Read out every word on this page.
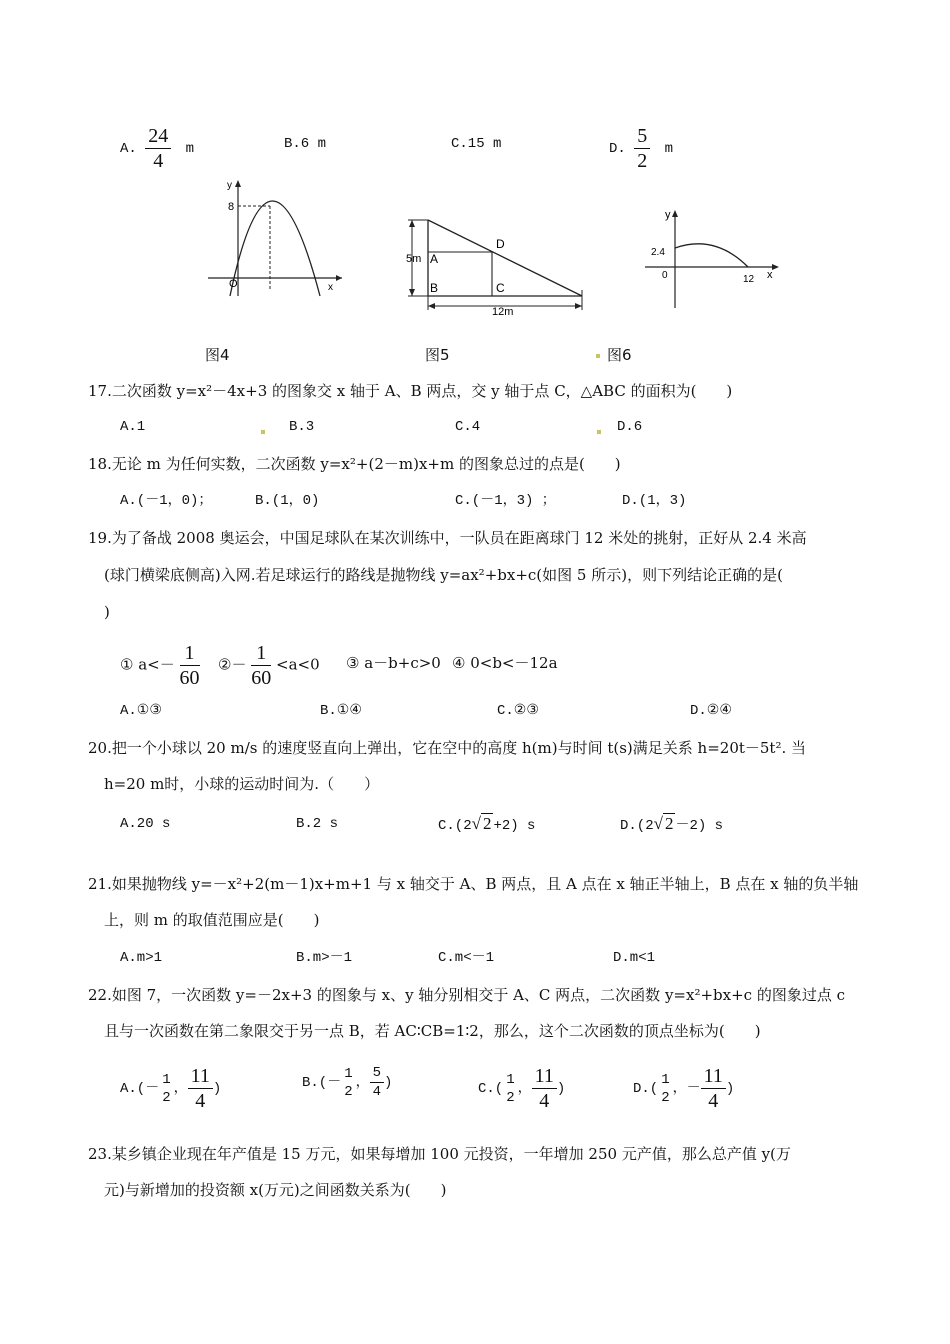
A. $\frac{24}{4}$ m	B.6 m	C.15 m	D. $\frac{5}{2}$ m
y
8
O	x
5m A
B	C
D
12m
y
2.4
0	12 x
图4	图5	图6
17.二次函数 y=x²－4x+3 的图象交 x 轴于 A、B 两点，交 y 轴于点 C，△ABC 的面积为(　　)
A.1	B.3	C.4	D.6
18.无论 m 为任何实数，二次函数 y=x²+(2－m)x+m 的图象总过的点是(　　)
A.(－1，0)；	B.(1，0)	C.(－1，3) ；	D.(1，3)
19.为了备战 2008 奥运会，中国足球队在某次训练中，一队员在距离球门 12 米处的挑射，正好从 2.4 米高
(球门横梁底侧高)入网.若足球运行的路线是抛物线 y=ax²+bx+c(如图 5 所示)，则下列结论正确的是(
)
① $a<- \frac{1}{60}$ ②－ $\frac{1}{60} <a<0$ ③ a－b+c>0 ④ 0<b<－12a
A.①③	B.①④	C.②③	D.②④
20.把一个小球以 20 m/s 的速度竖直向上弹出，它在空中的高度 h(m)与时间 t(s)满足关系 h=20t－5t². 当
h=20 m时，小球的运动时间为.（　　）
A.20 s	B.2 s	C.(2√ 2 +2) s	D.(2√ 2 －2) s
21.如果抛物线 y=－x²+2(m－1)x+m+1 与 x 轴交于 A、B 两点，且 A 点在 x 轴正半轴上，B 点在 x 轴的负半轴
上，则 m 的取值范围应是(　　)
A.m>1	B.m>－1	C.m<－1	D.m<1
22.如图 7，一次函数 y=－2x+3 的图象与 x、y 轴分别相交于 A、C 两点，二次函数 y=x²+bx+c 的图象过点 c
且与一次函数在第二象限交于另一点 B，若 AC∶CB=1∶2，那么，这个二次函数的顶点坐标为(　　)
A.(－
1
2
， $\frac{11}{4}$ )	B.(－
1
2
， $\frac{5}{4}$ )	C.(
1
2
， $\frac{11}{4}$ )	D.(
1
2
，－ $\frac{11}{4}$ )
23.某乡镇企业现在年产值是 15 万元，如果每增加 100 元投资，一年增加 250 元产值，那么总产值 y(万
元)与新增加的投资额 x(万元)之间函数关系为(　　)
